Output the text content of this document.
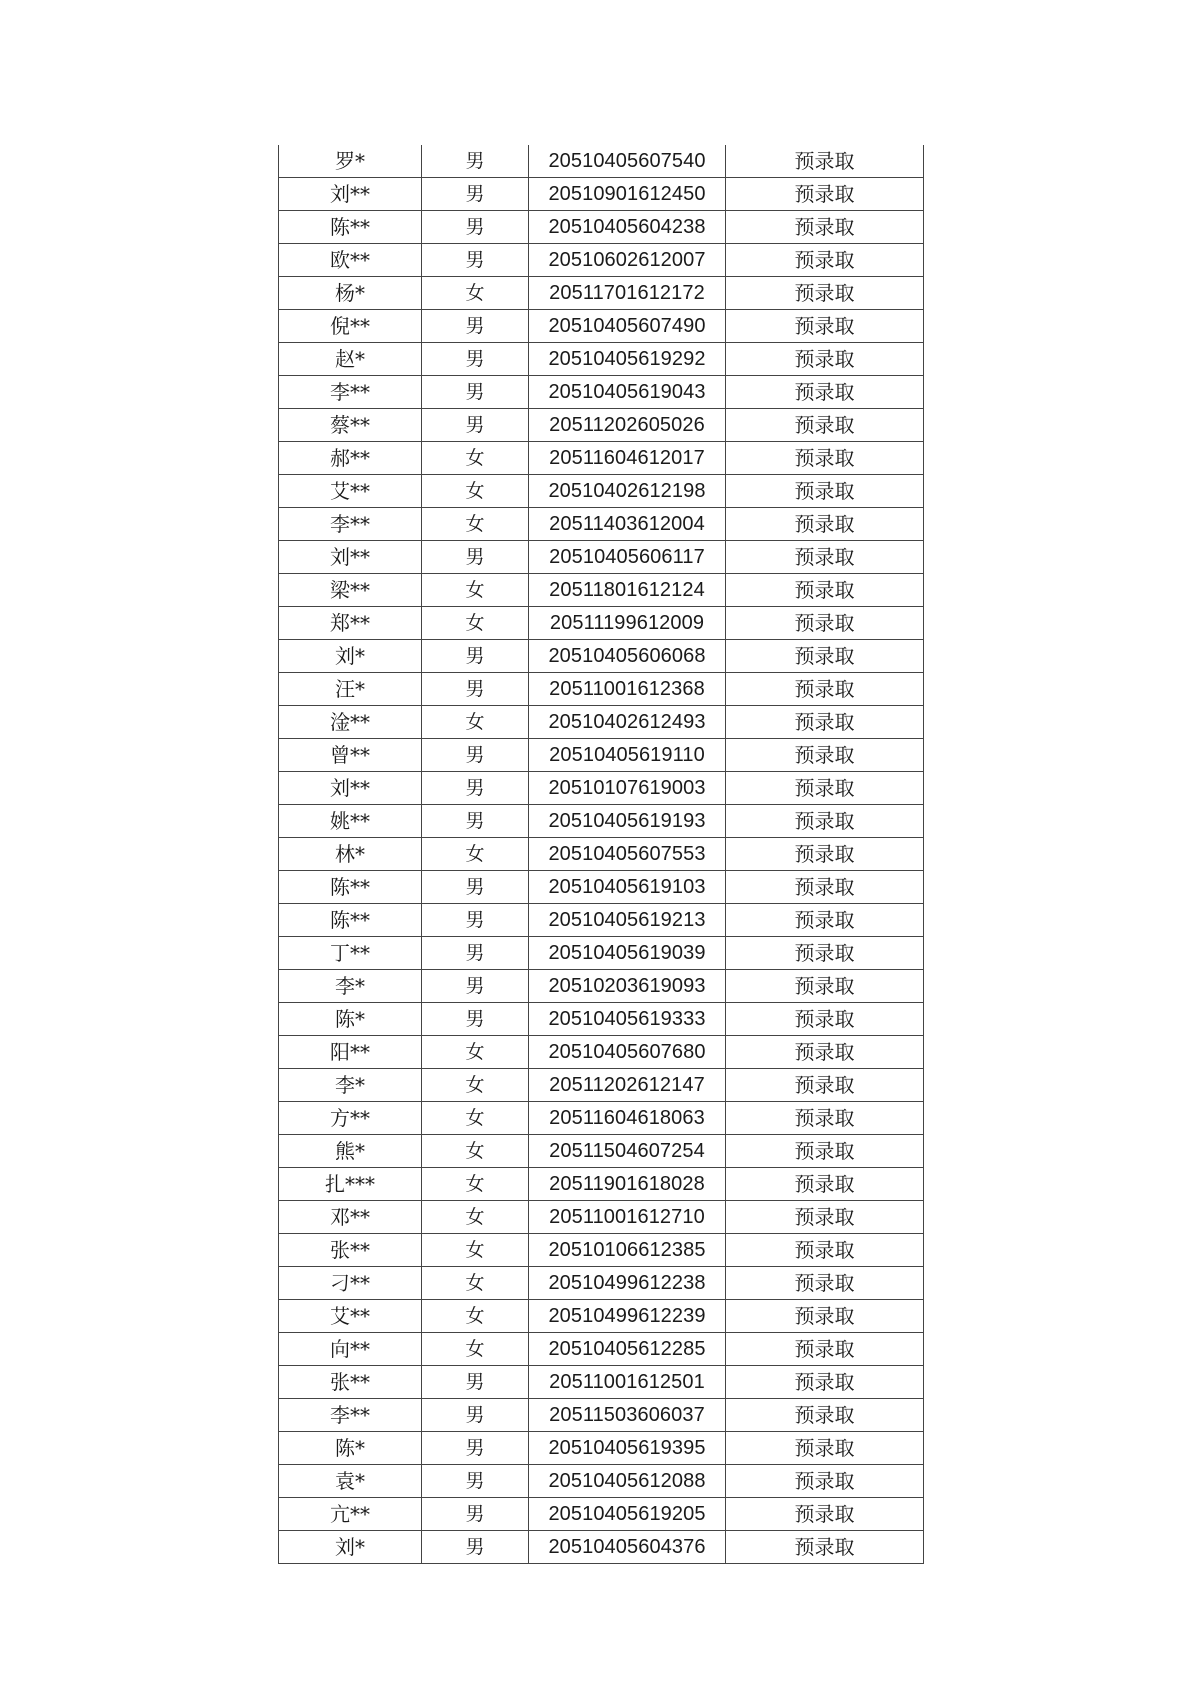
罗*	男	20510405607540	预录取
刘**	男	20510901612450	预录取
陈**	男	20510405604238	预录取
欧**	男	20510602612007	预录取
杨*	女	20511701612172	预录取
倪**	男	20510405607490	预录取
赵*	男	20510405619292	预录取
李**	男	20510405619043	预录取
蔡**	男	20511202605026	预录取
郝**	女	20511604612017	预录取
艾**	女	20510402612198	预录取
李**	女	20511403612004	预录取
刘**	男	20510405606117	预录取
梁**	女	20511801612124	预录取
郑**	女	20511199612009	预录取
刘*	男	20510405606068	预录取
汪*	男	20511001612368	预录取
淦**	女	20510402612493	预录取
曾**	男	20510405619110	预录取
刘**	男	20510107619003	预录取
姚**	男	20510405619193	预录取
林*	女	20510405607553	预录取
陈**	男	20510405619103	预录取
陈**	男	20510405619213	预录取
丁**	男	20510405619039	预录取
李*	男	20510203619093	预录取
陈*	男	20510405619333	预录取
阳**	女	20510405607680	预录取
李*	女	20511202612147	预录取
方**	女	20511604618063	预录取
熊*	女	20511504607254	预录取
扎***	女	20511901618028	预录取
邓**	女	20511001612710	预录取
张**	女	20510106612385	预录取
刁**	女	20510499612238	预录取
艾**	女	20510499612239	预录取
向**	女	20510405612285	预录取
张**	男	20511001612501	预录取
李**	男	20511503606037	预录取
陈*	男	20510405619395	预录取
袁*	男	20510405612088	预录取
亢**	男	20510405619205	预录取
刘*	男	20510405604376	预录取
